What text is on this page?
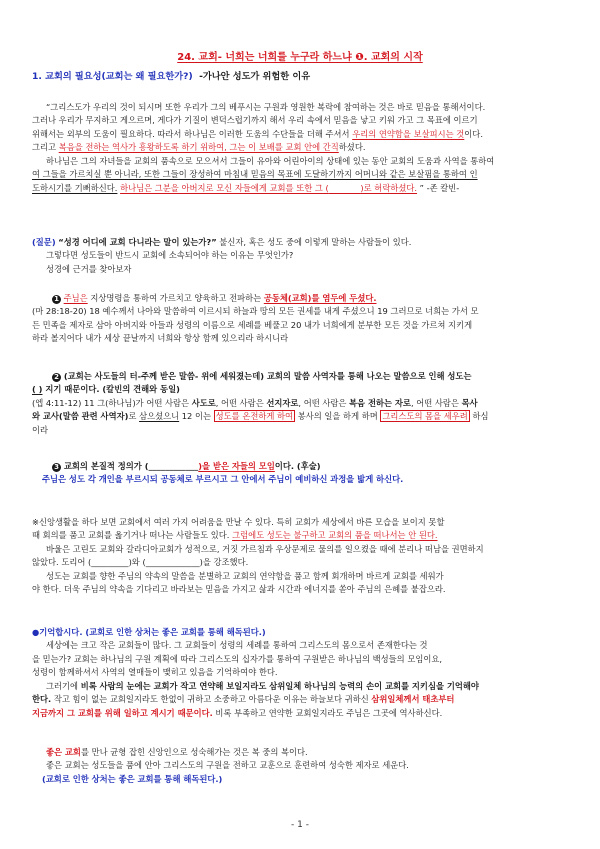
24. 교회- 너희는 너희를 누구라 하느냐 ❶. 교회의 시작
1. 교회의 필요성(교회는 왜 필요한가?) -가나안 성도가 위험한 이유

“그리스도가 우리의 것이 되시며 또한 우리가 그의 베푸시는 구원과 영원한 복락에 참여하는 것은 바로 믿음을 통해서이다.

그러나 우리가 무지하고 게으르며, 게다가 기질이 변덕스럽기까지 해서 우리 속에서 믿음을 낳고 키워 가고 그 목표에 이르기

위해서는 외부의 도움이 필요하다. 따라서 하나님은 이러한 도움의 수단들을 더해 주셔서 우리의 연약함을 보살피시는 것이다.

그리고 복음을 전하는 역사가 흥왕하도록 하기 위하여, 그는 이 보배를 교회 안에 간직하셨다.

하나님은 그의 자녀들을 교회의 품속으로 모으셔서 그들이 유아와 어린아이의 상태에 있는 동안 교회의 도움과 사역을 통하여

여 그들을 가르치실 뿐 아니라, 또한 그들이 장성하여 마침내 믿음의 목표에 도달하기까지 어머니와 같은 보살핌을 통하여 인

도하시기를 기뻐하신다. 하나님은 그분을 아버지로 모신 자들에게 교회를 또한 그 (	)로 허락하셨다. ” -존 칼빈-

(질문) “성경 어디에 교회 다니라는 말이 있는가?” 불신자, 혹은 성도 중에 이렇게 말하는 사람들이 있다.

그렇다면 성도들이 반드시 교회에 소속되어야 하는 이유는 무엇인가?

성경에 근거를 찾아보자

1 주님은 지상명령을 통하여 가르치고 양육하고 전파하는 공동체(교회)를 염두에 두셨다.

(마 28:18-20) 18 예수께서 나아와 말씀하여 이르시되 하늘과 땅의 모든 권세를 내게 주셨으니 19 그러므로 너희는 가서 모

든 민족을 제자로 삼아 아버지와 아들과 성령의 이름으로 세례를 베풀고 20 내가 너희에게 분부한 모든 것을 가르쳐 지키게

하라 볼지어다 내가 세상 끝날까지 너희와 항상 함께 있으리라 하시니라

2 (교회는 사도들의 터-주께 받은 말씀- 위에 세워졌는데) 교회의 말씀 사역자를 통해 나오는 말씀으로 인해 성도는

( ) 지기 때문이다. (칼빈의 견해와 동일)

(엡 4:11-12) 11 그(하나님)가 어떤 사람은 사도로, 어떤 사람은 선지자로, 어떤 사람은 복음 전하는 자로, 어떤 사람은 목사

와 교사(말씀 관련 사역자)로 삼으셨으니 12 이는 성도를 온전하게 하여 봉사의 일을 하게 하며 그리스도의 몸을 세우려 하심

이라

3 교회의 본질적 정의가 (____________)을 받은 자들의 모임이다. (후술)

주님은 성도 각 개인을 부르시되 공동체로 부르시고 그 안에서 주님이 예비하신 과정을 밟게 하신다.

※신앙생활을 하다 보면 교회에서 여러 가지 어려움을 만날 수 있다. 특히 교회가 세상에서 바른 모습을 보이지 못할

때 회의를 품고 교회를 옮기거나 떠나는 사람들도 있다. 그럼에도 성도는 불구하고 교회의 품을 떠나서는 안 된다.

바울은 고린도 교회와 갈라디아교회가 성적으로, 거짓 가르침과 우상문제로 물의를 일으켰을 때에 분리나 떠남을 권면하지

않았다. 도리어 (_________)와 (_____________)을 강조했다.

성도는 교회를 향한 주님의 약속의 말씀을 분별하고 교회의 연약함을 품고 함께 회개하며 바르게 교회를 세워가

야 한다. 더욱 주님의 약속을 기다리고 바라보는 믿음을 가지고 삶과 시간과 에너지를 쏟아 주님의 은혜를 붙잡으라.

●기억합시다. (교회로 인한 상처는 좋은 교회를 통해 해독된다.)

세상에는 크고 작은 교회들이 많다. 그 교회들이 성령의 세례를 통하여 그리스도의 몸으로서 존재한다는 것

을 믿는가? 교회는 하나님의 구원 계획에 따라 그리스도의 십자가를 통하여 구원받은 하나님의 백성들의 모임이요,

성령이 함께하셔서 사역의 열매들이 맺히고 있음을 기억하여야 한다.

그러기에 비록 사람의 눈에는 교회가 작고 연약해 보일지라도 삼위일체 하나님의 능력의 손이 교회를 지키심을 기억해야

한다. 작고 힘이 없는 교회일지라도 한없이 귀하고 소중하고 아름다운 이유는 하늘보다 귀하신 삼위일체께서 태초부터

지금까지 그 교회를 위해 일하고 계시기 때문이다. 비록 부족하고 연약한 교회일지라도 주님은 그곳에 역사하신다.

좋은 교회를 만나 균형 잡힌 신앙인으로 성숙해가는 것은 복 중의 복이다.

좋은 교회는 성도들을 품에 안아 그리스도의 구원을 전하고 교훈으로 훈련하여 성숙한 제자로 세운다.

(교회로 인한 상처는 좋은 교회를 통해 해독된다.)

- 1 -
